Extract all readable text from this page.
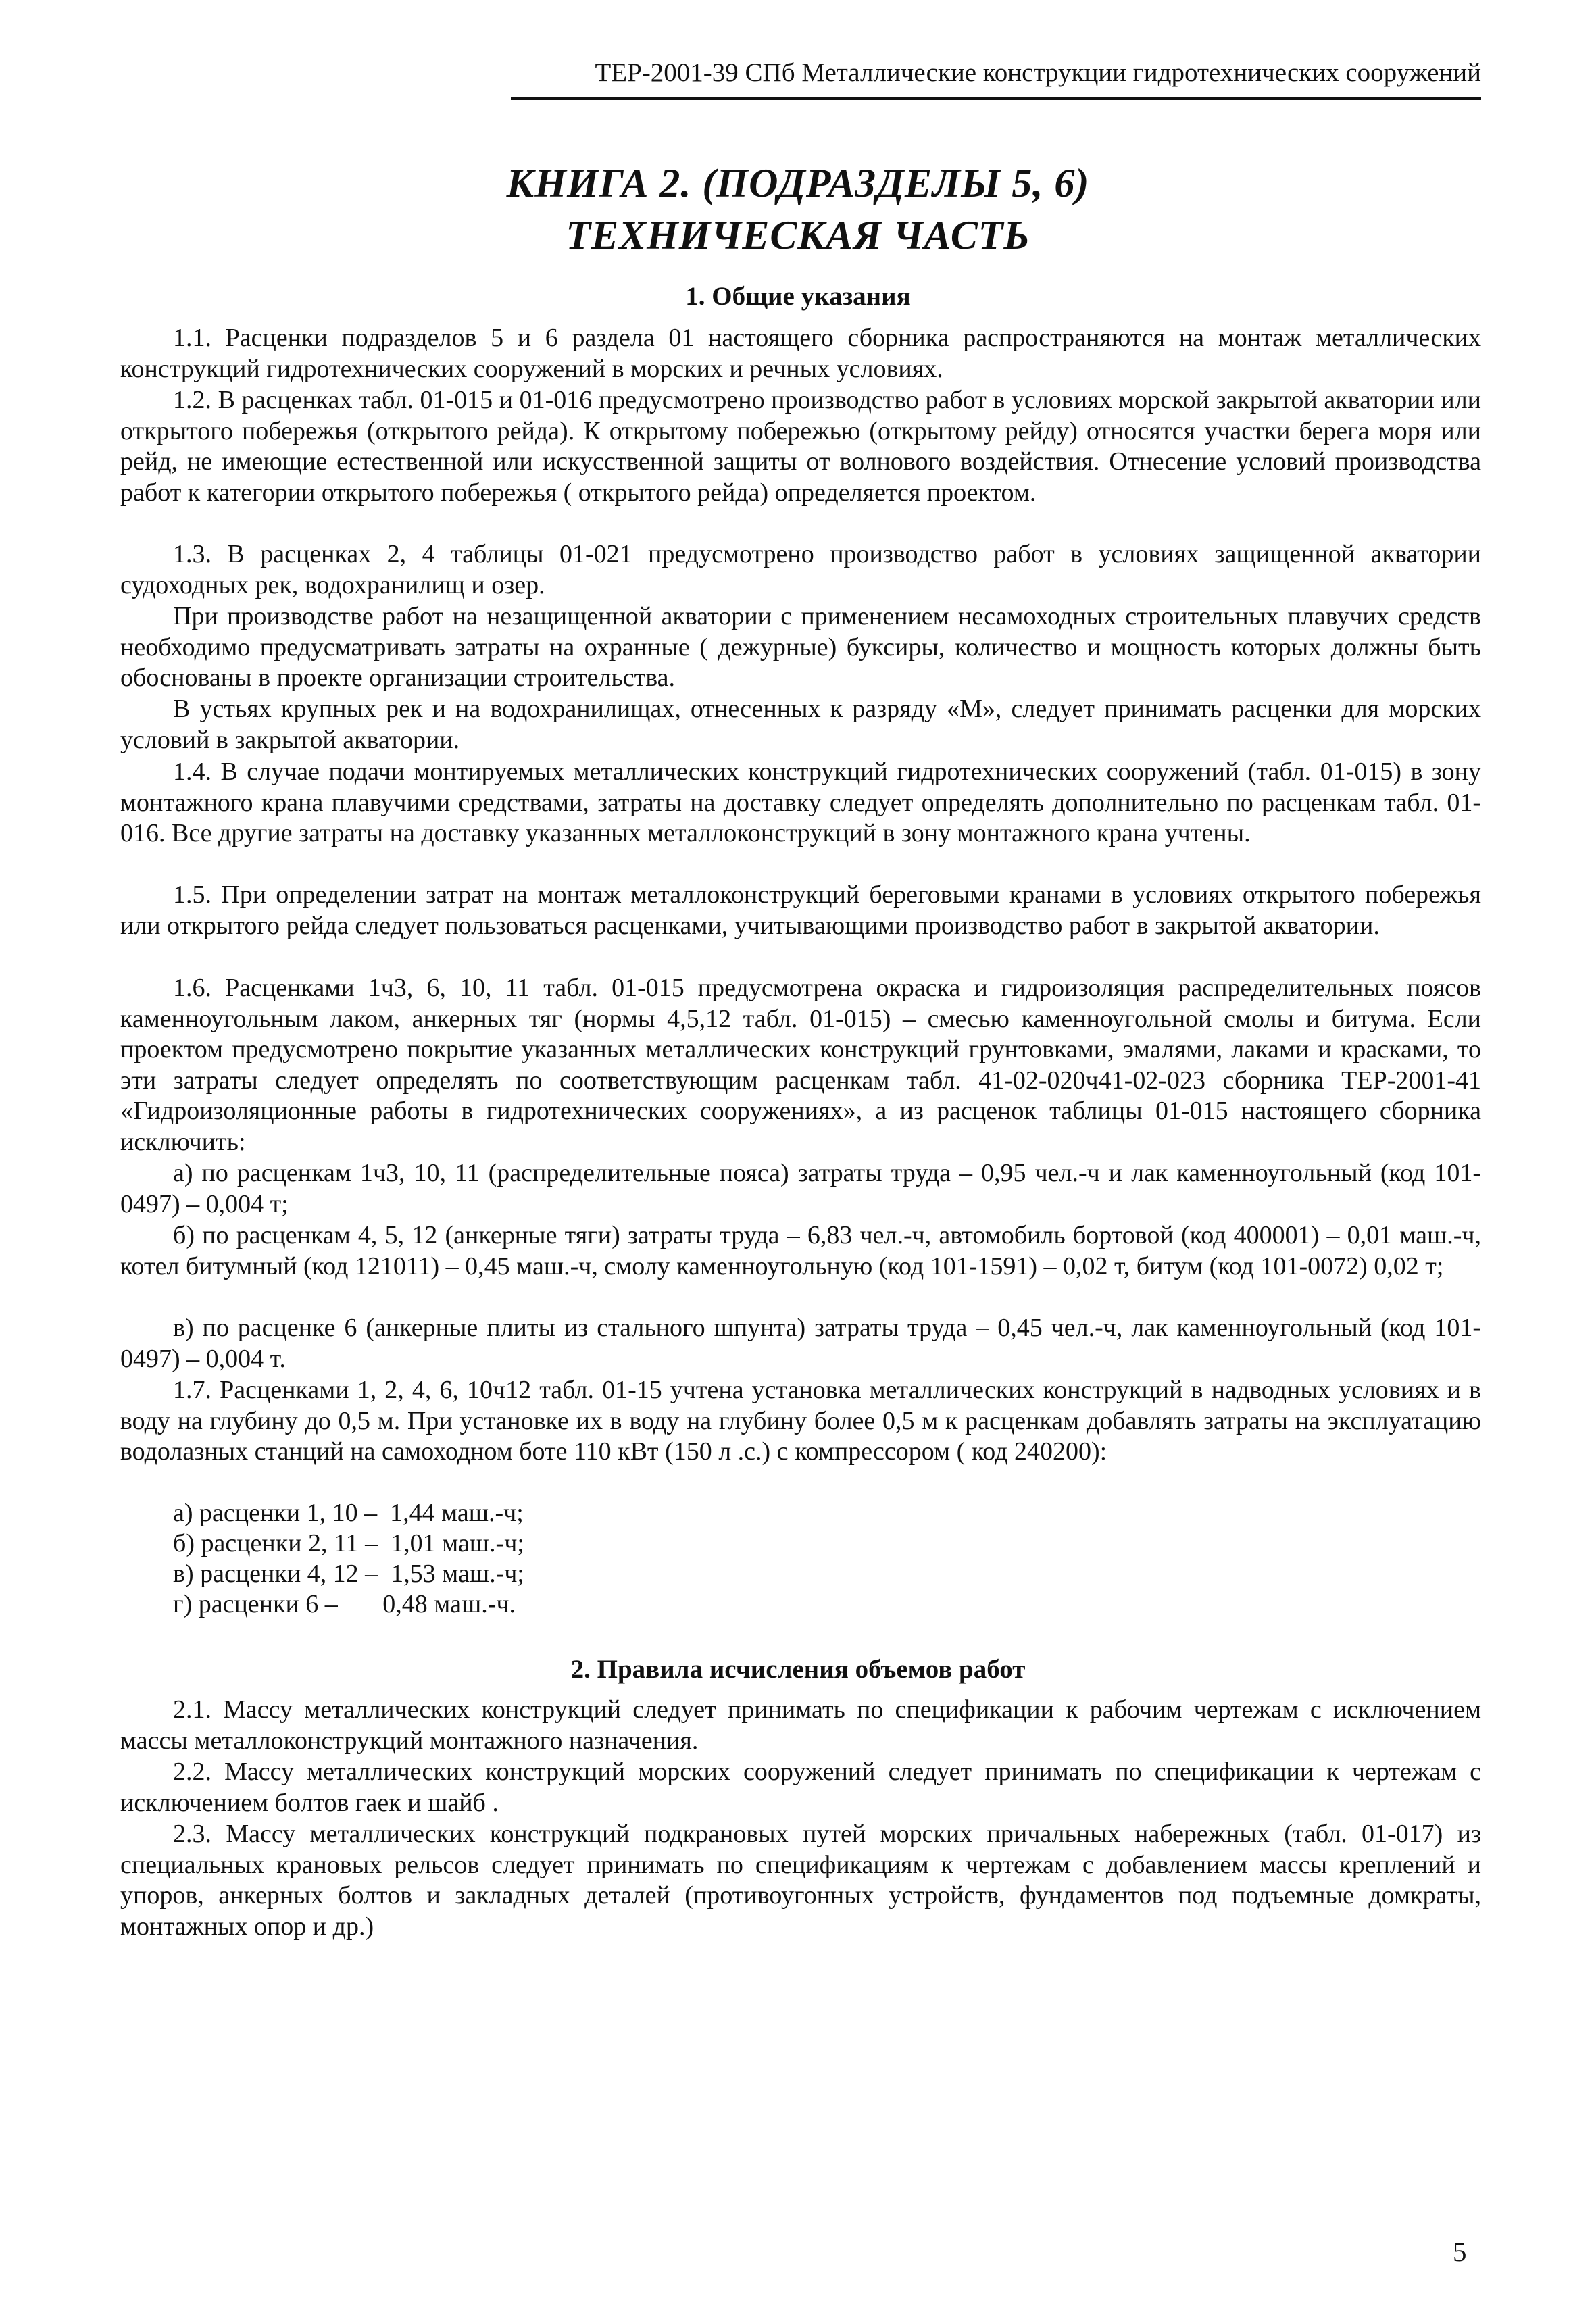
ТЕР-2001-39 СПб Металлические конструкции гидротехнических сооружений
КНИГА 2. (ПОДРАЗДЕЛЫ 5, 6)
ТЕХНИЧЕСКАЯ ЧАСТЬ
1. Общие указания

1.1. Расценки подразделов 5 и 6 раздела 01 настоящего сборника распространяются на монтаж металлических конструкций гидротехнических сооружений в морских и речных условиях.

1.2. В расценках табл. 01-015 и 01-016 предусмотрено производство работ в условиях морской закрытой акватории или открытого побережья (открытого рейда). К открытому побережью (открытому рейду) относятся участки берега моря или рейд, не имеющие естественной или искусственной защиты от волнового воздействия. Отнесение условий производства работ к категории открытого побережья ( открытого рейда) определяется проектом.

1.3. В расценках 2, 4 таблицы 01-021 предусмотрено производство работ в условиях защищенной акватории судоходных рек, водохранилищ и озер.

При производстве работ на незащищенной акватории с применением несамоходных строительных плавучих средств необходимо предусматривать затраты на охранные ( дежурные) буксиры, количество и мощность которых должны быть обоснованы в проекте организации строительства.

В устьях крупных рек и на водохранилищах, отнесенных к разряду «М», следует принимать расценки для морских условий в закрытой акватории.

1.4. В случае подачи монтируемых металлических конструкций гидротехнических сооружений (табл. 01-015) в зону монтажного крана плавучими средствами, затраты на доставку следует определять дополнительно по расценкам табл. 01-016. Все другие затраты на доставку указанных металлоконструкций в зону монтажного крана учтены.

1.5. При определении затрат на монтаж металлоконструкций береговыми кранами в условиях открытого побережья или открытого рейда следует пользоваться расценками, учитывающими производство работ в закрытой акватории.

1.6. Расценками 1ч3, 6, 10, 11 табл. 01-015 предусмотрена окраска и гидроизоляция распределительных поясов каменноугольным лаком, анкерных тяг (нормы 4,5,12 табл. 01-015) – смесью каменноугольной смолы и битума. Если проектом предусмотрено покрытие указанных металлических конструкций грунтовками, эмалями, лаками и красками, то эти затраты следует определять по соответствующим расценкам табл. 41-02-020ч41-02-023 сборника ТЕР-2001-41 «Гидроизоляционные работы в гидротехнических сооружениях», а из расценок таблицы 01-015 настоящего сборника исключить:

а) по расценкам 1ч3, 10, 11 (распределительные пояса) затраты труда – 0,95 чел.-ч и лак каменноугольный (код 101-0497) – 0,004 т;

б) по расценкам 4, 5, 12 (анкерные тяги) затраты труда – 6,83 чел.-ч, автомобиль бортовой (код 400001) – 0,01 маш.-ч, котел битумный (код 121011) – 0,45 маш.-ч, смолу каменноугольную (код 101-1591) – 0,02 т, битум (код 101-0072) 0,02 т;

в) по расценке 6 (анкерные плиты из стального шпунта) затраты труда – 0,45 чел.-ч, лак каменноугольный (код 101-0497) – 0,004 т.

1.7. Расценками 1, 2, 4, 6, 10ч12 табл. 01-15 учтена установка металлических конструкций в надводных условиях и в воду на глубину до 0,5 м. При установке их в воду на глубину более 0,5 м к расценкам добавлять затраты на эксплуатацию водолазных станций на самоходном боте 110 кВт (150 л .с.) с компрессором ( код 240200):

а) расценки 1, 10 –  1,44 маш.-ч;
б) расценки 2, 11 –  1,01 маш.-ч;
в) расценки 4, 12 –  1,53 маш.-ч;
г) расценки 6 –       0,48 маш.-ч.
2. Правила исчисления объемов работ

2.1. Массу металлических конструкций следует принимать по спецификации к рабочим чертежам с исключением массы металлоконструкций монтажного назначения.

2.2. Массу металлических конструкций морских сооружений следует принимать по спецификации к чертежам с исключением болтов гаек и шайб .

2.3. Массу металлических конструкций подкрановых путей морских причальных набережных (табл. 01-017) из специальных крановых рельсов следует принимать по спецификациям к чертежам с добавлением массы креплений и упоров, анкерных болтов и закладных деталей (противоугонных устройств, фундаментов под подъемные домкраты, монтажных опор и др.)

5
